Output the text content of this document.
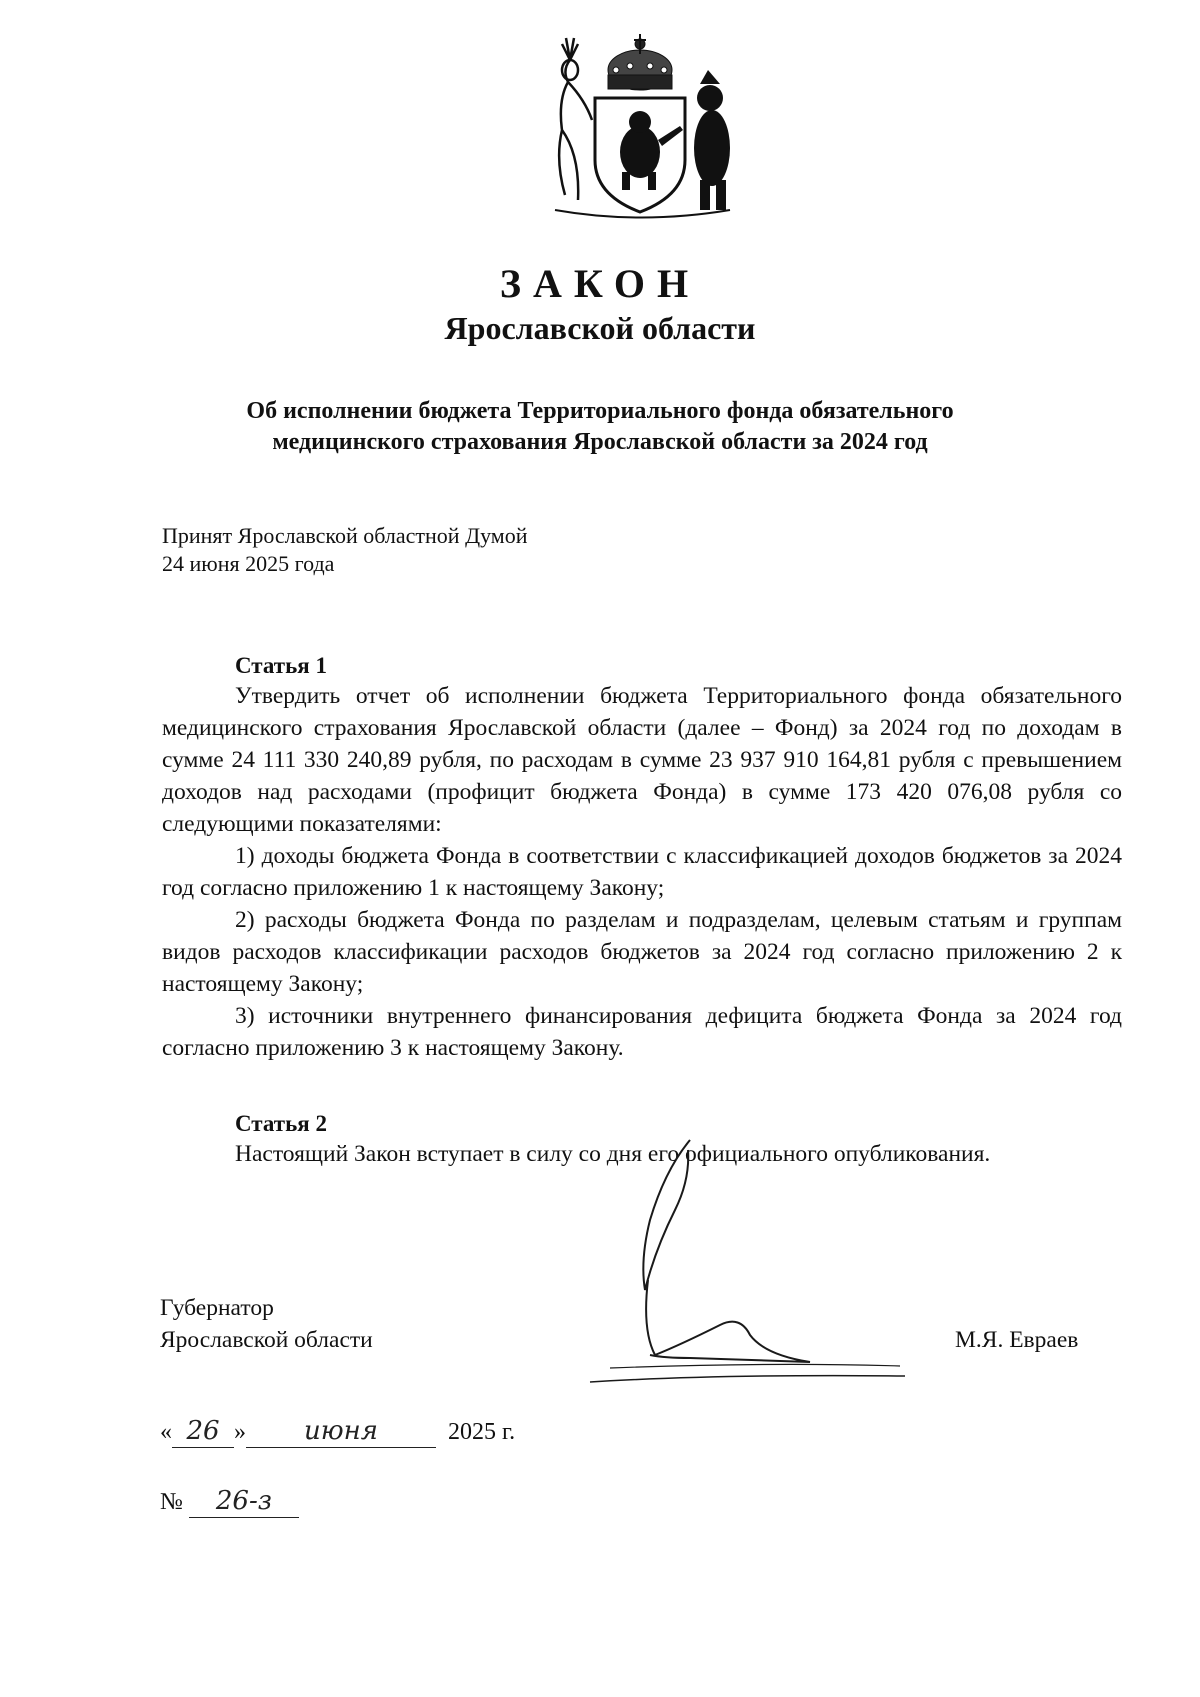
ЗАКОН
Ярославской области
Об исполнении бюджета Территориального фонда обязательного
медицинского страхования Ярославской области за 2024 год
Принят Ярославской областной Думой
24 июня 2025 года
Статья 1

Утвердить отчет об исполнении бюджета Территориального фонда обязательного медицинского страхования Ярославской области (далее – Фонд) за 2024 год по доходам в сумме 24 111 330 240,89 рубля, по расходам в сумме 23 937 910 164,81 рубля с превышением доходов над расходами (профицит бюджета Фонда) в сумме 173 420 076,08 рубля со следующими показателями:

1) доходы бюджета Фонда в соответствии с классификацией доходов бюджетов за 2024 год согласно приложению 1 к настоящему Закону;

2) расходы бюджета Фонда по разделам и подразделам, целевым статьям и группам видов расходов классификации расходов бюджетов за 2024 год согласно приложению 2 к настоящему Закону;

3) источники внутреннего финансирования дефицита бюджета Фонда за 2024 год согласно приложению 3 к настоящему Закону.

Статья 2

Настоящий Закон вступает в силу со дня его официального опубликования.

Губернатор
Ярославской области	М.Я. Евраев
« 26 » июня	2025 г.
№ 26-з
